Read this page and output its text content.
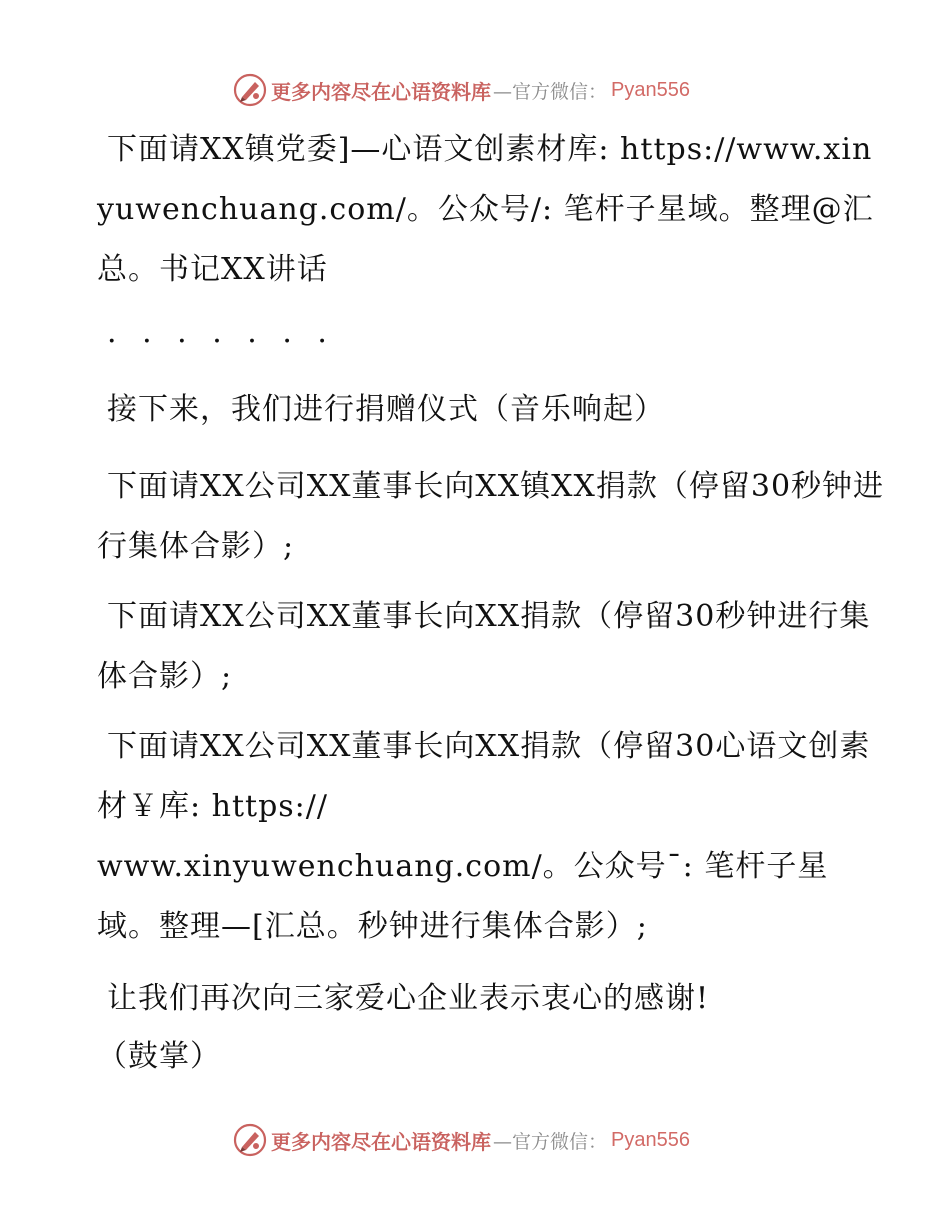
更多内容尽在心语资料库 —官方微信： Pyan556

下面请XX镇党委]—心语文创素材库: https://www.xinyuwenchuang.com/。公众号/: 笔杆子星域。整理@汇总。书记XX讲话

· · · · · · ·

接下来，我们进行捐赠仪式（音乐响起）

下面请XX公司XX董事长向XX镇XX捐款（停留30秒钟进行集体合影）;

下面请XX公司XX董事长向XX捐款（停留30秒钟进行集体合影）;

下面请XX公司XX董事长向XX捐款（停留30心语文创素材￥库: https://
www.xinyuwenchuang.com/。公众号¯: 笔杆子星域。整理—[汇总。秒钟进行集体合影）;

让我们再次向三家爱心企业表示衷心的感谢!

（鼓掌）

更多内容尽在心语资料库 —官方微信： Pyan556
